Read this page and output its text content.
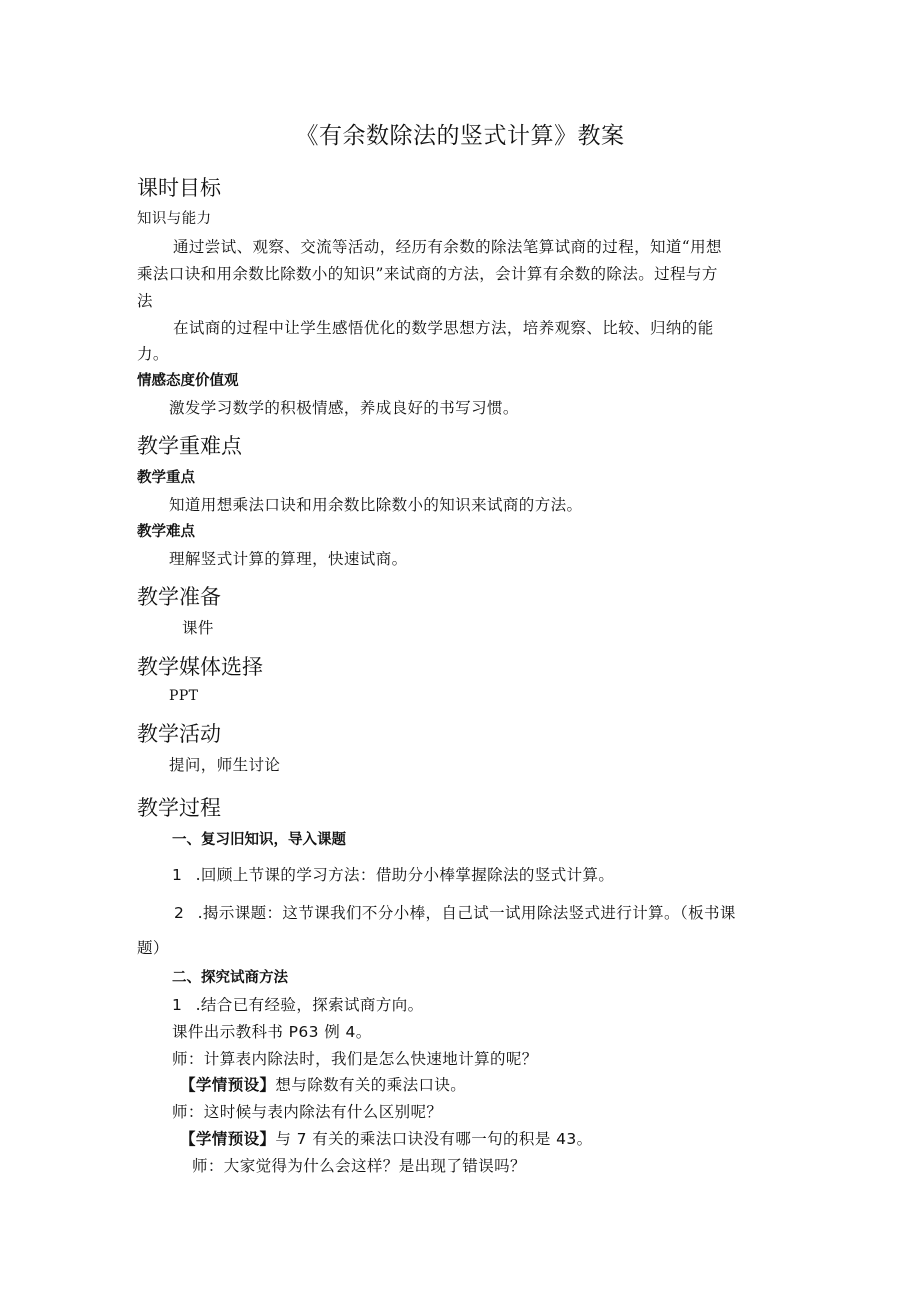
《有余数除法的竖式计算》教案
课时目标
知识与能力
通过尝试、观察、交流等活动，经历有余数的除法笔算试商的过程，知道“用想
乘法口诀和用余数比除数小的知识”来试商的方法，会计算有余数的除法。过程与方
法
在试商的过程中让学生感悟优化的数学思想方法，培养观察、比较、归纳的能
力。
情感态度价值观
激发学习数学的积极情感，养成良好的书写习惯。
教学重难点
教学重点
知道用想乘法口诀和用余数比除数小的知识来试商的方法。
教学难点
理解竖式计算的算理，快速试商。
教学准备
课件
教学媒体选择
PPT
教学活动
提问，师生讨论
教学过程
一、复习旧知识，导入课题
1 .回顾上节课的学习方法：借助分小棒掌握除法的竖式计算。
2 .揭示课题：这节课我们不分小棒，自己试一试用除法竖式进行计算。（板书课
题）
二、探究试商方法
1 .结合已有经验，探索试商方向。
课件出示教科书 P63 例 4。
师：计算表内除法时，我们是怎么快速地计算的呢？
【学情预设】想与除数有关的乘法口诀。
师：这时候与表内除法有什么区别呢？
【学情预设】与 7 有关的乘法口诀没有哪一句的积是 43。
师：大家觉得为什么会这样？是出现了错误吗？
